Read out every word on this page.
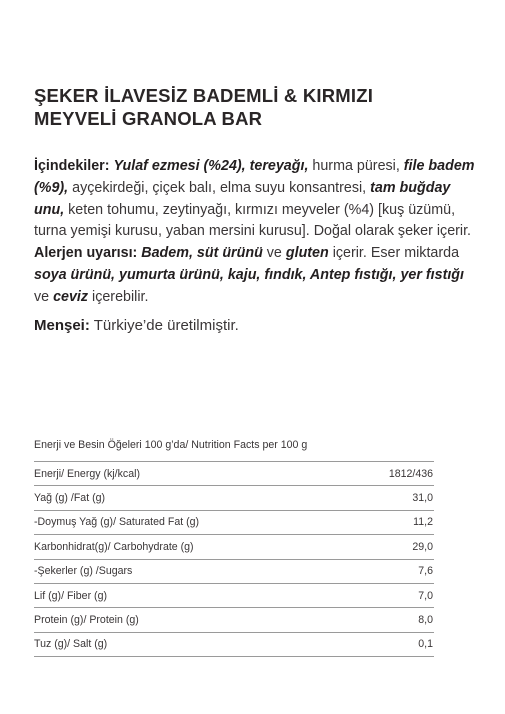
ŞEKER İLAVESİZ BADEMLİ & KIRMIZI
MEYVELİ GRANOLA BAR

İçindekiler: Yulaf ezmesi (%24), tereyağı, hurma püresi, file badem (%9), ayçekirdeği, çiçek balı, elma suyu konsantresi, tam buğday unu, keten tohumu, zeytinyağı, kırmızı meyveler (%4) [kuş üzümü, turna yemişi kurusu, yaban mersini kurusu]. Doğal olarak şeker içerir.

Alerjen uyarısı: Badem, süt ürünü ve gluten içerir. Eser miktarda soya ürünü, yumurta ürünü, kaju, fındık, Antep fıstığı, yer fıstığı ve ceviz içerebilir.

Menşei: Türkiye’de üretilmiştir.

Enerji ve Besin Öğeleri 100 g’da/ Nutrition Facts per 100 g

Enerji/ Energy (kj/kcal)	1812/436
Yağ (g) /Fat (g)	31,0
-Doymuş Yağ (g)/ Saturated Fat (g)	11,2
Karbonhidrat(g)/ Carbohydrate (g)	29,0
-Şekerler (g) /Sugars	7,6
Lif (g)/ Fiber (g)	7,0
Protein (g)/ Protein (g)	8,0
Tuz (g)/ Salt (g)	0,1
